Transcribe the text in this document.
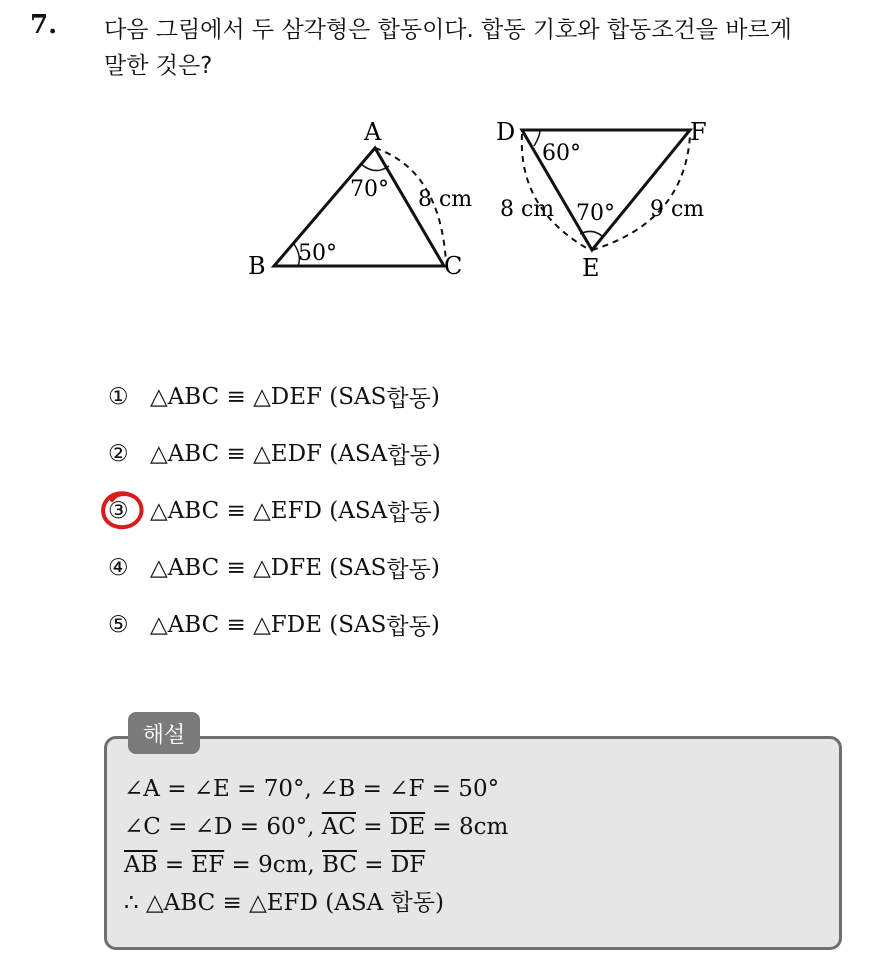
7. 다음 그림에서 두 삼각형은 합동이다. 합동 기호와 합동조건을 바르게
말한 것은?
A
B	C
70°
50°
8 cm
D
E
F
60°
70°
8 cm	9 cm
① △ABC ≡ △DEF (SAS 합동 )
② △ABC ≡ △EDF (ASA 합동 )
③ △ABC ≡ △EFD (ASA 합동 )
④ △ABC ≡ △DFE (SAS 합동 )
⑤ △ABC ≡ △FDE (SAS 합동 )
해설
∠A = ∠E = 70°, ∠B = ∠F = 50°
∠C = ∠D = 60°, $\overline{AC} = \overline{DE} = 8cm$
$\overline{AB} = \overline{EF} = 9cm$, $\overline{BC} = \overline{DF}$
∴ △ABC ≡ △EFD (ASA 합동)
